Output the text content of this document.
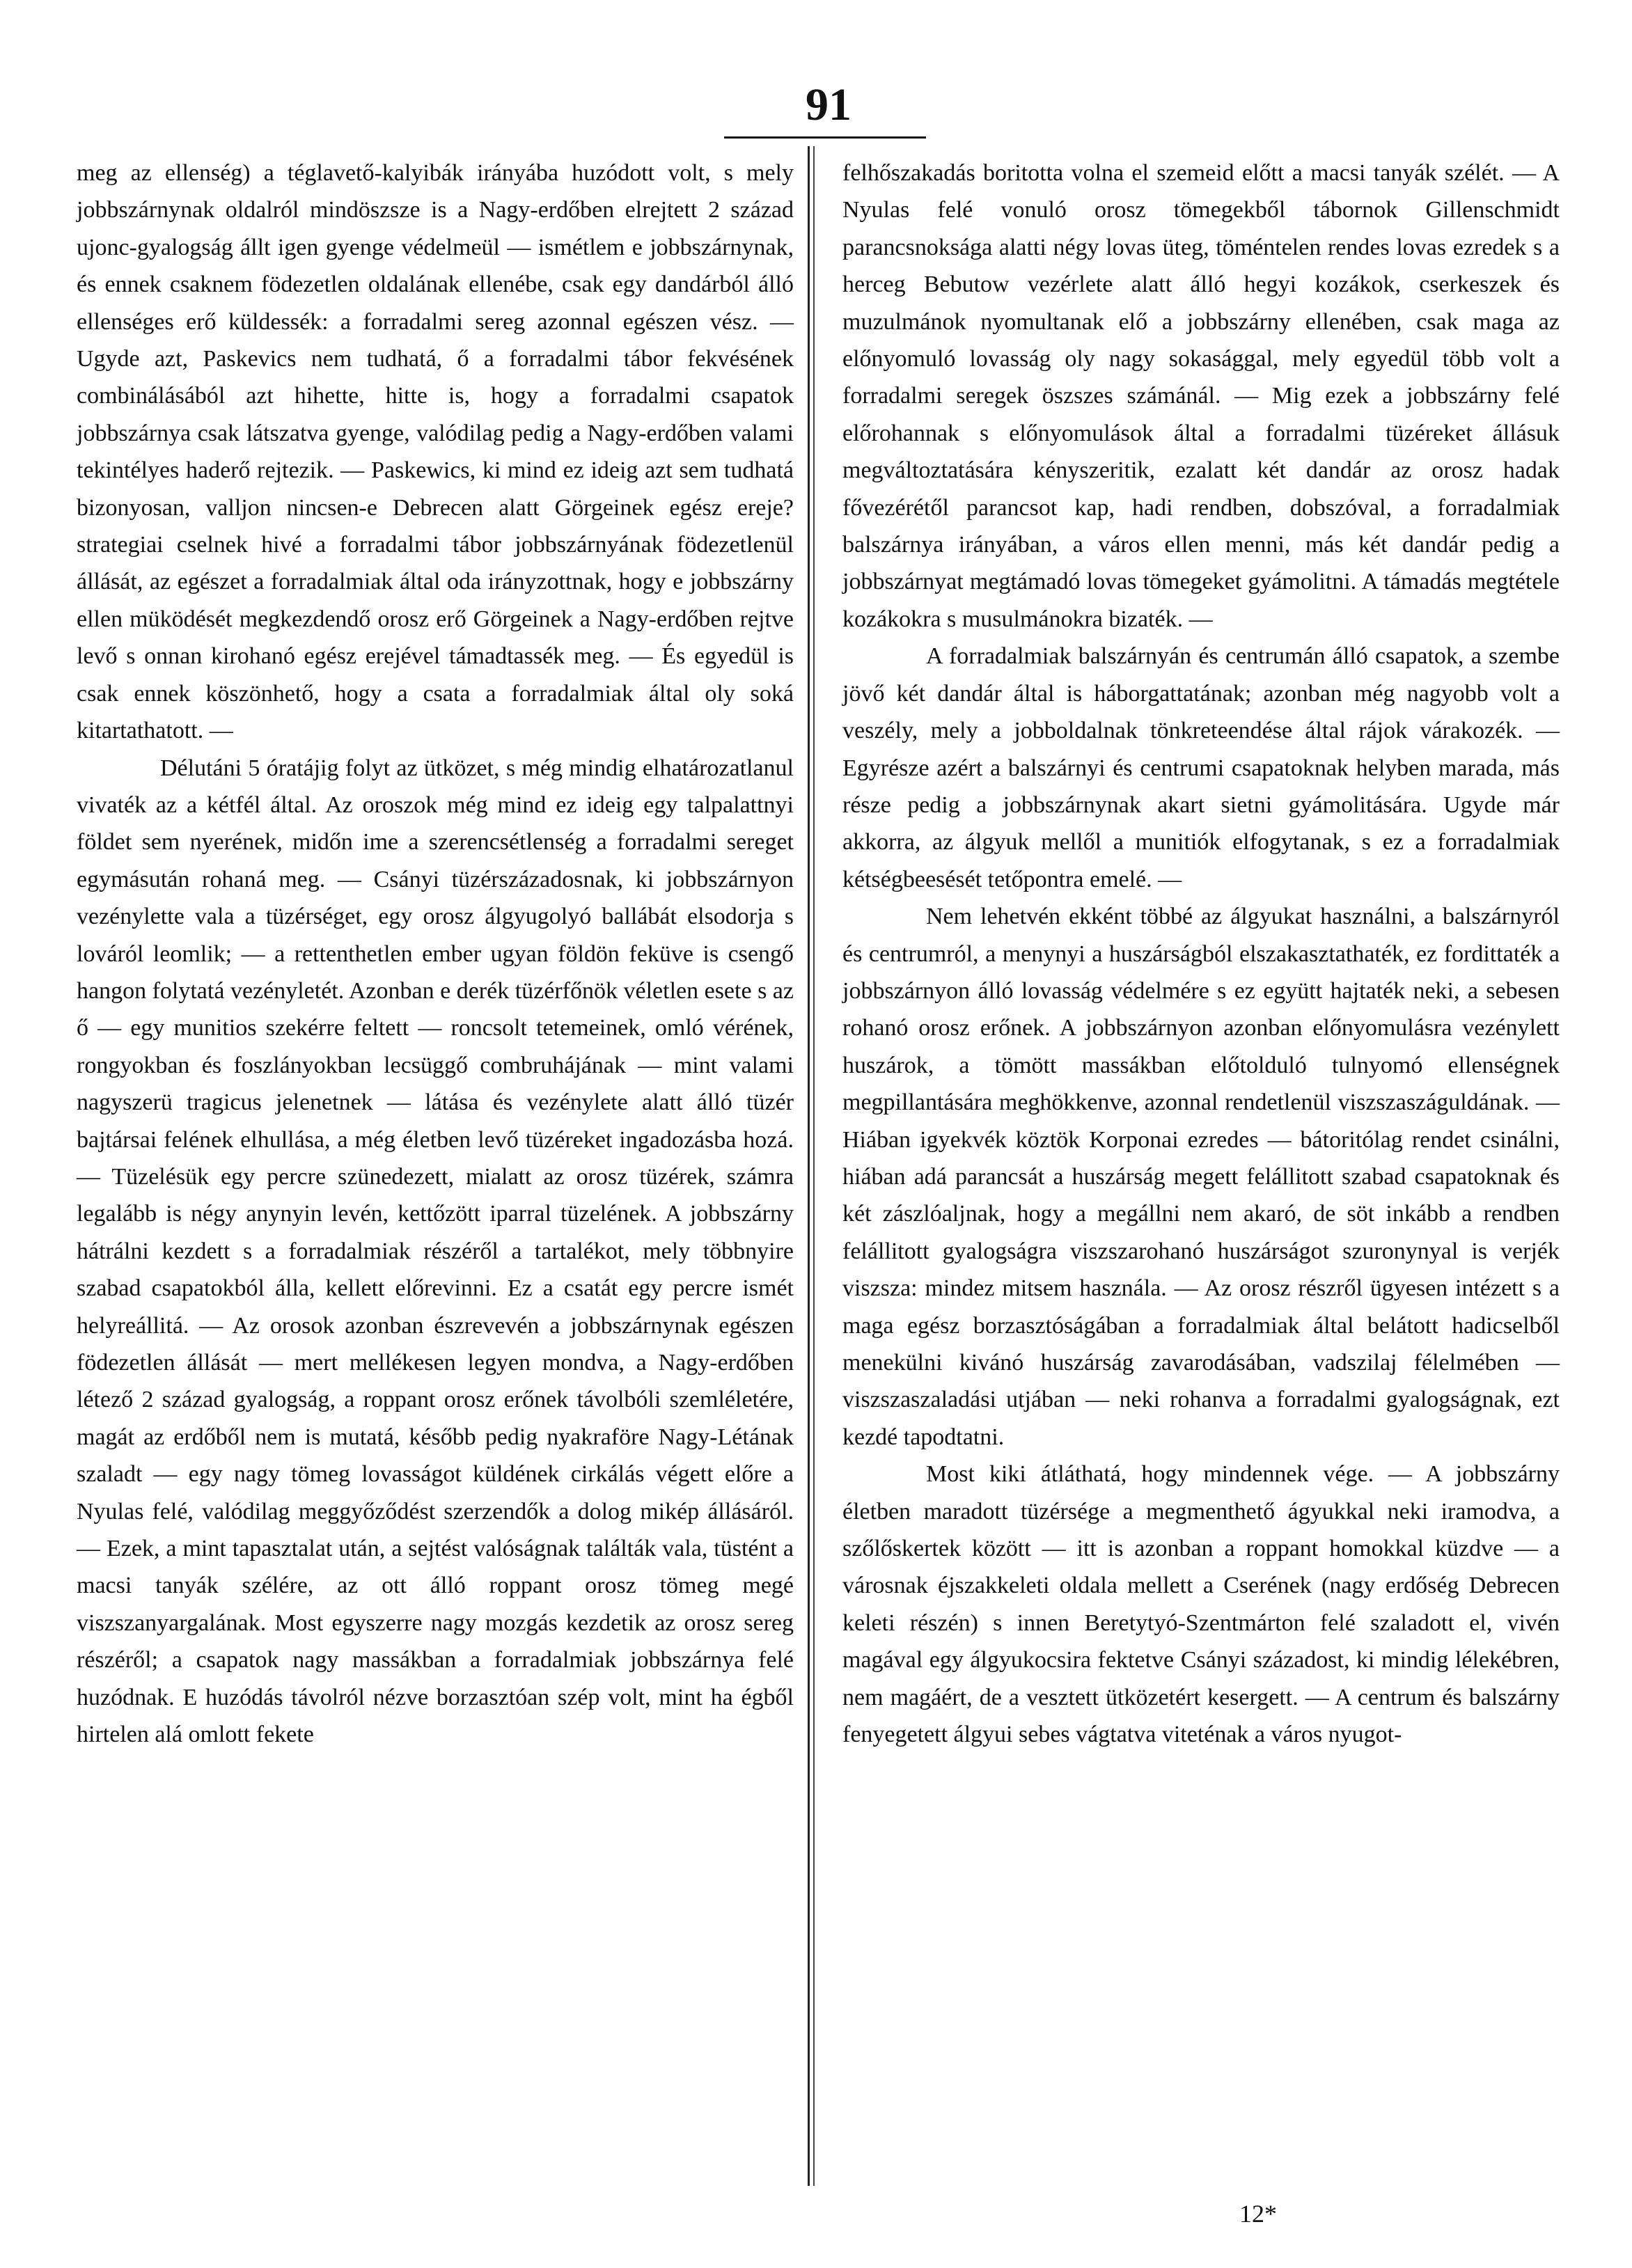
91

meg az ellenség) a téglavető-kalyibák irányába huzódott volt, s mely jobbszárnynak oldalról mindöszsze is a Nagy-erdőben elrejtett 2 század ujonc-gyalogság állt igen gyenge védelmeül — ismétlem e jobbszárnynak, és ennek csaknem födezetlen oldalának ellenébe, csak egy dandárból álló ellenséges erő küldessék: a forradalmi sereg azonnal egészen vész. — Ugyde azt, Paskevics nem tudhatá, ő a forradalmi tábor fekvésének combinálásából azt hihette, hitte is, hogy a forradalmi csapatok jobbszárnya csak látszatva gyenge, valódilag pedig a Nagy-erdőben valami tekintélyes haderő rejtezik. — Paskewics, ki mind ez ideig azt sem tudhatá bizonyosan, valljon nincsen-e Debrecen alatt Görgeinek egész ereje? strategiai cselnek hivé a forradalmi tábor jobbszárnyának födezetlenül állását, az egészet a forradalmiak által oda irányzottnak, hogy e jobbszárny ellen müködését megkezdendő orosz erő Görgeinek a Nagy-erdőben rejtve levő s onnan kirohanó egész erejével támadtassék meg. — És egyedül is csak ennek köszönhető, hogy a csata a forradalmiak által oly soká kitartathatott. —

Délutáni 5 óratájig folyt az ütközet, s még mindig elhatározatlanul vivaték az a kétfél által. Az oroszok még mind ez ideig egy talpalattnyi földet sem nyerének, midőn ime a szerencsétlenség a forradalmi sereget egymásután rohaná meg. — Csányi tüzérszázadosnak, ki jobbszárnyon vezénylette vala a tüzérséget, egy orosz álgyugolyó ballábát elsodorja s lováról leomlik; — a rettenthetlen ember ugyan földön feküve is csengő hangon folytatá vezényletét. Azonban e derék tüzérfőnök véletlen esete s az ő — egy munitios szekérre feltett — roncsolt tetemeinek, omló vérének, rongyokban és foszlányokban lecsüggő combruhájának — mint valami nagyszerü tragicus jelenetnek — látása és vezénylete alatt álló tüzér bajtársai felének elhullása, a még életben levő tüzéreket ingadozásba hozá. — Tüzelésük egy percre szünedezett, mialatt az orosz tüzérek, számra legalább is négy anynyin levén, kettőzött iparral tüzelének. A jobbszárny hátrálni kezdett s a forradalmiak részéről a tartalékot, mely többnyire szabad csapatokból álla, kellett előrevinni. Ez a csatát egy percre ismét helyreállitá. — Az orosok azonban észrevevén a jobbszárnynak egészen födezetlen állását — mert mellékesen legyen mondva, a Nagy-erdőben létező 2 század gyalogság, a roppant orosz erőnek távolbóli szemléletére, magát az erdőből nem is mutatá, később pedig nyakraföre Nagy-Létának szaladt — egy nagy tömeg lovasságot küldének cirkálás végett előre a Nyulas felé, valódilag meggyőződést szerzendők a dolog mikép állásáról. — Ezek, a mint tapasztalat után, a sejtést valóságnak találták vala, tüstént a macsi tanyák szélére, az ott álló roppant orosz tömeg megé viszszanyargalának. Most egyszerre nagy mozgás kezdetik az orosz sereg részéről; a csapatok nagy massákban a forradalmiak jobbszárnya felé huzódnak. E huzódás távolról nézve borzasztóan szép volt, mint ha égből hirtelen alá omlott fekete

felhőszakadás boritotta volna el szemeid előtt a macsi tanyák szélét. — A Nyulas felé vonuló orosz tömegekből tábornok Gillenschmidt parancsnoksága alatti négy lovas üteg, töméntelen rendes lovas ezredek s a herceg Bebutow vezérlete alatt álló hegyi kozákok, cserkeszek és muzulmánok nyomultanak elő a jobbszárny ellenében, csak maga az előnyomuló lovasság oly nagy sokasággal, mely egyedül több volt a forradalmi seregek öszszes számánál. — Mig ezek a jobbszárny felé előrohannak s előnyomulások által a forradalmi tüzéreket állásuk megváltoztatására kényszeritik, ezalatt két dandár az orosz hadak fővezérétől parancsot kap, hadi rendben, dobszóval, a forradalmiak balszárnya irányában, a város ellen menni, más két dandár pedig a jobbszárnyat megtámadó lovas tömegeket gyámolitni. A támadás megtétele kozákokra s musulmánokra bizaték. —

A forradalmiak balszárnyán és centrumán álló csapatok, a szembe jövő két dandár által is háborgattatának; azonban még nagyobb volt a veszély, mely a jobboldalnak tönkreteendése által rájok várakozék. — Egyrésze azért a balszárnyi és centrumi csapatoknak helyben marada, más része pedig a jobbszárnynak akart sietni gyámolitására. Ugyde már akkorra, az álgyuk mellől a munitiók elfogytanak, s ez a forradalmiak kétségbeesését tetőpontra emelé. —

Nem lehetvén ekként többé az álgyukat használni, a balszárnyról és centrumról, a menynyi a huszárságból elszakasztathaték, ez fordittaték a jobbszárnyon álló lovasság védelmére s ez együtt hajtaték neki, a sebesen rohanó orosz erőnek. A jobbszárnyon azonban előnyomulásra vezénylett huszárok, a tömött massákban előtolduló tulnyomó ellenségnek megpillantására meghökkenve, azonnal rendetlenül viszszaszáguldának. — Hiában igyekvék köztök Korponai ezredes — bátoritólag rendet csinálni, hiában adá parancsát a huszárság megett felállitott szabad csapatoknak és két zászlóaljnak, hogy a megállni nem akaró, de söt inkább a rendben felállitott gyalogságra viszszarohanó huszárságot szuronynyal is verjék viszsza: mindez mitsem használa. — Az orosz részről ügyesen intézett s a maga egész borzasztóságában a forradalmiak által belátott hadicselből menekülni kivánó huszárság zavarodásában, vadszilaj félelmében — viszszaszaladási utjában — neki rohanva a forradalmi gyalogságnak, ezt kezdé tapodtatni.

Most kiki átláthatá, hogy mindennek vége. — A jobbszárny életben maradott tüzérsége a megmenthető ágyukkal neki iramodva, a szőlőskertek között — itt is azonban a roppant homokkal küzdve — a városnak éjszakkeleti oldala mellett a Cserének (nagy erdőség Debrecen keleti részén) s innen Beretytyó-Szentmárton felé szaladott el, vivén magával egy álgyukocsira fektetve Csányi századost, ki mindig lélekébren, nem magáért, de a vesztett ütközetért kesergett. — A centrum és balszárny fenyegetett álgyui sebes vágtatva viteténak a város nyugot-

12*
